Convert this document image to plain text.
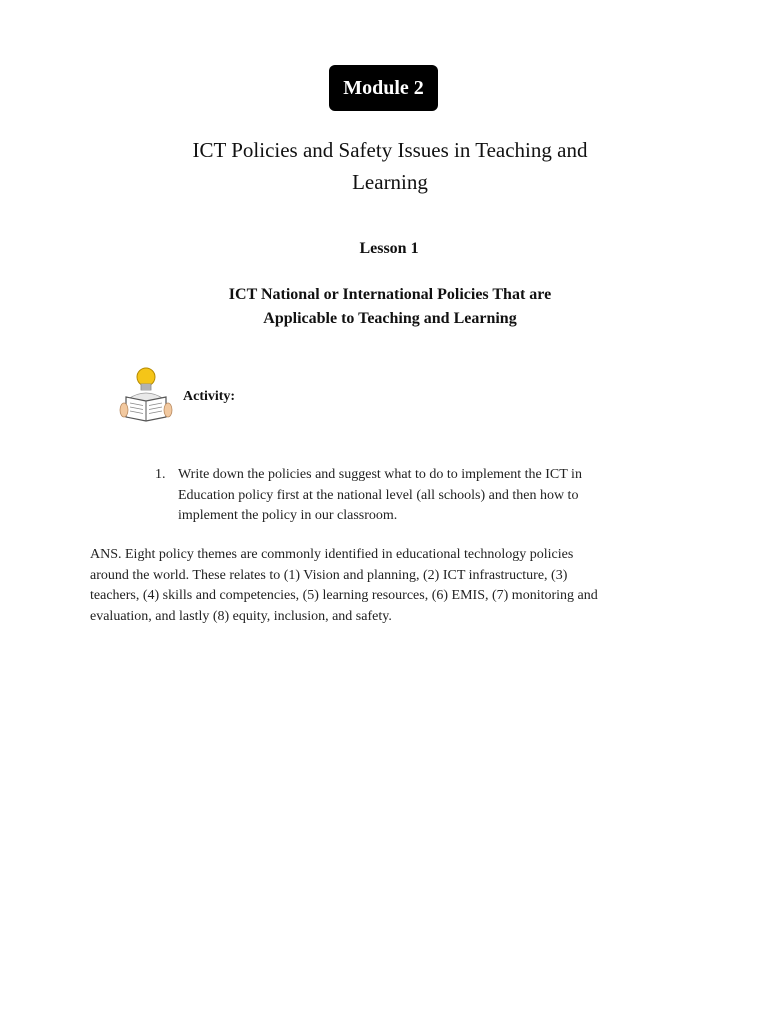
Module 2
ICT Policies and Safety Issues in Teaching and
Learning
Lesson 1
ICT National or International Policies That are
Applicable to Teaching and Learning
Activity:
1. Write down the policies and suggest what to do to implement the ICT in
Education policy first at the national level (all schools) and then how to
implement the policy in our classroom.
ANS. Eight policy themes are commonly identified in educational technology policies
around the world. These relates to (1) Vision and planning, (2) ICT infrastructure, (3)
teachers, (4) skills and competencies, (5) learning resources, (6) EMIS, (7) monitoring and
evaluation, and lastly (8) equity, inclusion, and safety.
